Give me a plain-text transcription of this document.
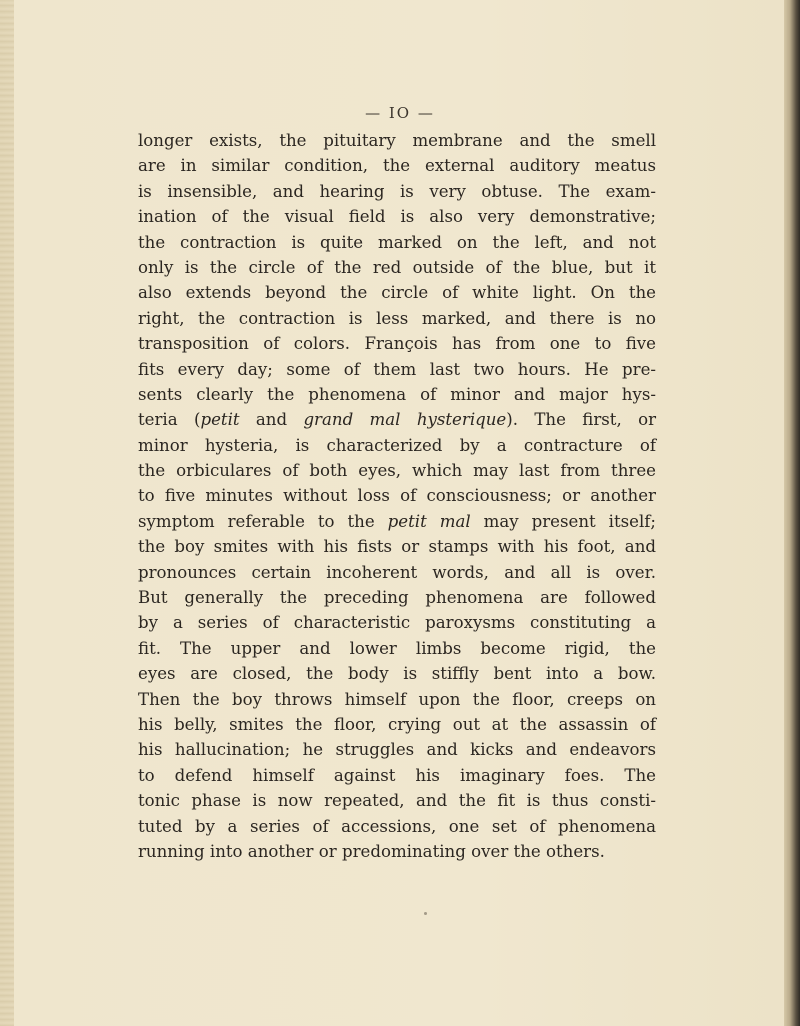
— IO —
longer exists, the pituitary membrane and the smell
are in similar condition, the external auditory meatus
is insensible, and hearing is very obtuse. The exam-
ination of the visual field is also very demonstrative;
the contraction is quite marked on the left, and not
only is the circle of the red outside of the blue, but it
also extends beyond the circle of white light. On the
right, the contraction is less marked, and there is no
transposition of colors. François has from one to five
fits every day; some of them last two hours. He pre-
sents clearly the phenomena of minor and major hys-
teria (petit and grand mal hysterique). The first, or
minor hysteria, is characterized by a contracture of
the orbiculares of both eyes, which may last from three
to five minutes without loss of consciousness; or another
symptom referable to the petit mal may present itself;
the boy smites with his fists or stamps with his foot, and
pronounces certain incoherent words, and all is over.
But generally the preceding phenomena are followed
by a series of characteristic paroxysms constituting a
fit. The upper and lower limbs become rigid, the
eyes are closed, the body is stiffly bent into a bow.
Then the boy throws himself upon the floor, creeps on
his belly, smites the floor, crying out at the assassin of
his hallucination; he struggles and kicks and endeavors
to defend himself against his imaginary foes. The
tonic phase is now repeated, and the fit is thus consti-
tuted by a series of accessions, one set of phenomena
running into another or predominating over the others.
